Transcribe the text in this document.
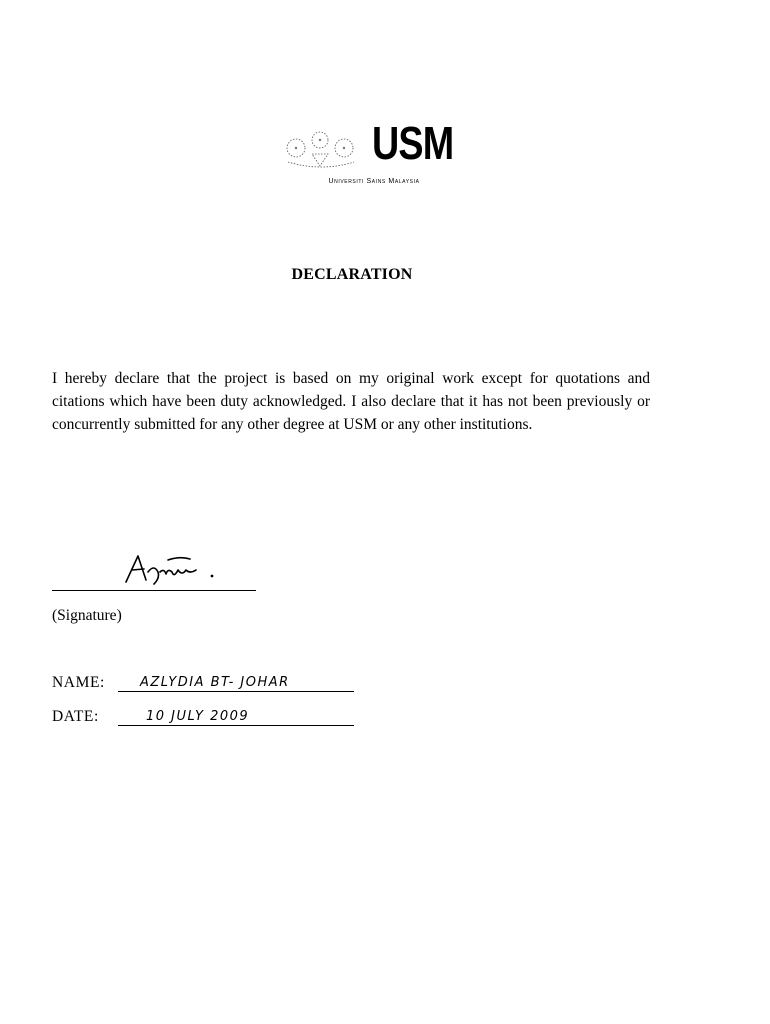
USM
Universiti Sains Malaysia
DECLARATION
I hereby declare that the project is based on my original work except for quotations and citations which have been duty acknowledged. I also declare that it has not been previously or concurrently submitted for any other degree at USM or any other institutions.
(Signature)
NAME:	AZLYDIA BT- JOHAR
DATE:	10 JULY 2009
